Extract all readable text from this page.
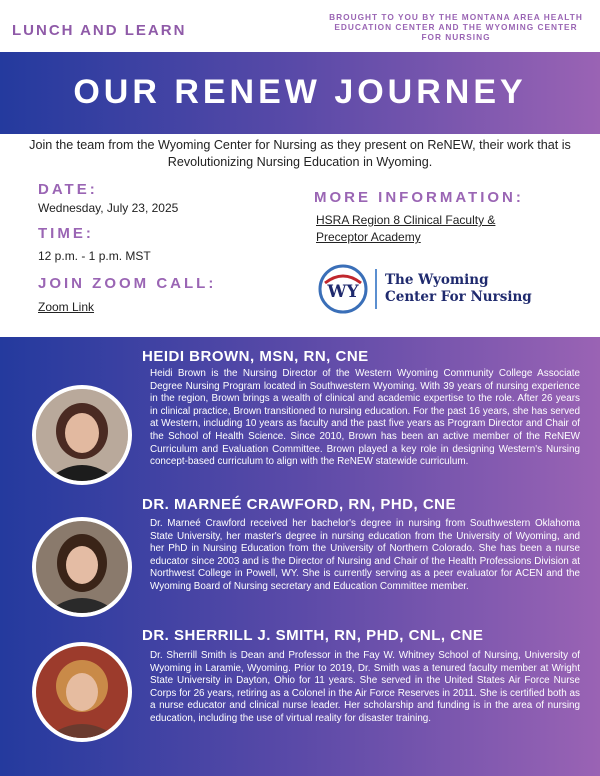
LUNCH AND LEARN
BROUGHT TO YOU BY THE MONTANA AREA HEALTH EDUCATION CENTER AND THE WYOMING CENTER FOR NURSING
OUR RENEW JOURNEY
Join the team from the Wyoming Center for Nursing as they present on ReNEW, their work that is Revolutionizing Nursing Education in Wyoming.
DATE:
Wednesday, July 23, 2025
TIME:
12 p.m. - 1 p.m. MST
JOIN ZOOM CALL:
Zoom Link
MORE INFORMATION:
HSRA Region 8 Clinical Faculty &
Preceptor Academy
WY
The Wyoming
Center For Nursing
HEIDI BROWN, MSN, RN, CNE
Heidi Brown is the Nursing Director of the Western Wyoming Community College Associate Degree Nursing Program located in Southwestern Wyoming. With 39 years of nursing experience in the region, Brown brings a wealth of clinical and academic expertise to the role. After 26 years in clinical practice, Brown transitioned to nursing education. For the past 16 years, she has served at Western, including 10 years as faculty and the past five years as Program Director and Chair of the School of Health Science. Since 2010, Brown has been an active member of the ReNEW Curriculum and Evaluation Committee. Brown played a key role in designing Western's Nursing concept-based curriculum to align with the ReNEW statewide curriculum.
DR. MARNEÉ CRAWFORD, RN, PHD, CNE
Dr. Marneé Crawford received her bachelor's degree in nursing from Southwestern Oklahoma State University, her master's degree in nursing education from the University of Wyoming, and her PhD in Nursing Education from the University of Northern Colorado. She has been a nurse educator since 2003 and is the Director of Nursing and Chair of the Health Professions Division at Northwest College in Powell, WY. She is currently serving as a peer evaluator for ACEN and the Wyoming Board of Nursing secretary and Education Committee member.
DR. SHERRILL J. SMITH, RN, PHD, CNL, CNE
Dr. Sherrill Smith is Dean and Professor in the Fay W. Whitney School of Nursing, University of Wyoming in Laramie, Wyoming. Prior to 2019, Dr. Smith was a tenured faculty member at Wright State University in Dayton, Ohio for 11 years. She served in the United States Air Force Nurse Corps for 26 years, retiring as a Colonel in the Air Force Reserves in 2011. She is certified both as a nurse educator and clinical nurse leader. Her scholarship and funding is in the area of nursing education, including the use of virtual reality for disaster training.
